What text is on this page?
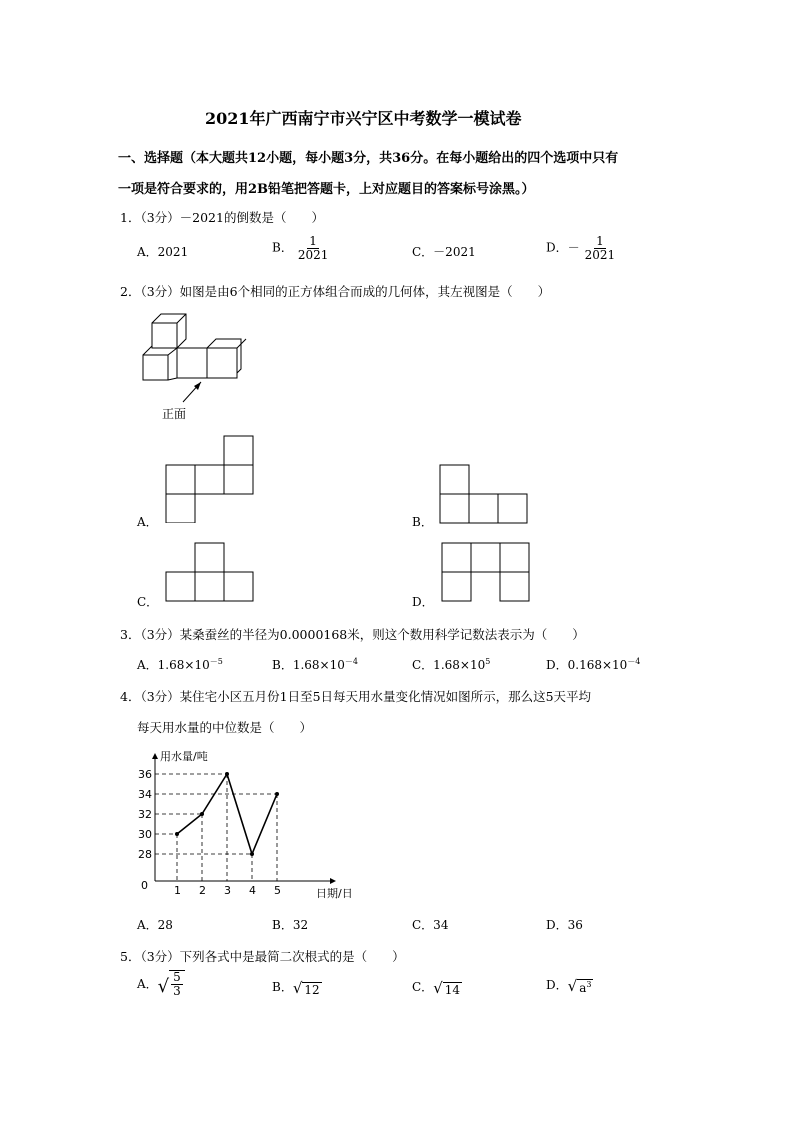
2021年广西南宁市兴宁区中考数学一模试卷
一、选择题（本大题共12小题，每小题3分，共36分。在每小题给出的四个选项中只有
一项是符合要求的，用2B铅笔把答题卡，上对应题目的答案标号涂黑。）
1．（3分）－2021的倒数是（　　）
A．2021	B． $\frac{1}{2021}$	C．－2021	D．－ $\frac{1}{2021}$
2．（3分）如图是由6个相同的正方体组合而成的几何体，其左视图是（　　）
正面
A．	B．
C．	D．
3．（3分）某桑蚕丝的半径为0.0000168米，则这个数用科学记数法表示为（　　）
A．$1.68\times 10^{-5}$	B．$1.68\times 10^{-4}$	C．$1.68\times 10^5$	D．$0.168\times 10^{-4}$
4．（3分）某住宅小区五月份1日至5日每天用水量变化情况如图所示，那么这5天平均
每天用水量的中位数是（　　）
用水量/吨
日期/日
0
28
30
32
34
36
1 2 3 4 5
A．28	B．32	C．34	D．36
5．（3分）下列各式中是最简二次根式的是（　　）
A． √ $\frac{5}{3}$	B． √ 12	C． √ 14	D． √ $a^3$
